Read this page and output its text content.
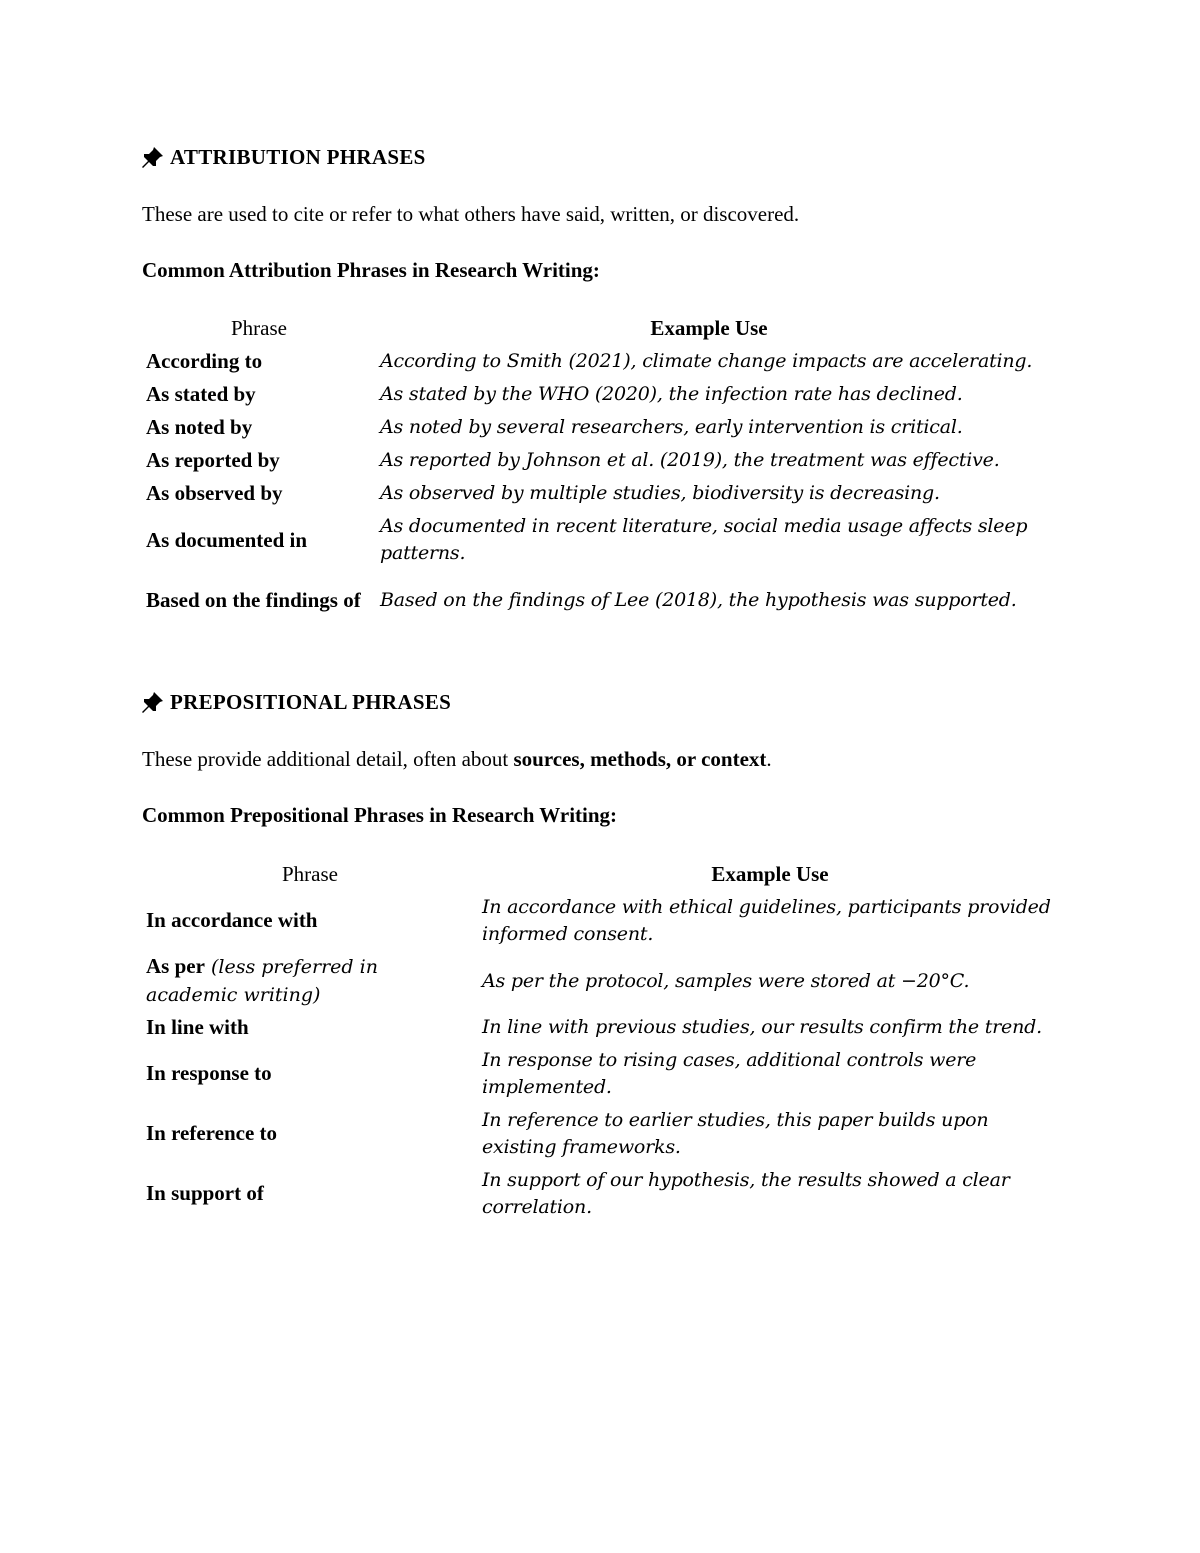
ATTRIBUTION PHRASES
These are used to cite or refer to what others have said, written, or discovered.
Common Attribution Phrases in Research Writing:
Phrase	Example Use
According to	According to Smith (2021), climate change impacts are accelerating.
As stated by	As stated by the WHO (2020), the infection rate has declined.
As noted by	As noted by several researchers, early intervention is critical.
As reported by	As reported by Johnson et al. (2019), the treatment was effective.
As observed by	As observed by multiple studies, biodiversity is decreasing.
As documented in	As documented in recent literature, social media usage affects sleep patterns.
Based on the findings of	Based on the findings of Lee (2018), the hypothesis was supported.
PREPOSITIONAL PHRASES
These provide additional detail, often about sources, methods, or context.
Common Prepositional Phrases in Research Writing:
Phrase	Example Use
In accordance with	In accordance with ethical guidelines, participants provided informed consent.
As per (less preferred in academic writing)	As per the protocol, samples were stored at −20°C.
In line with	In line with previous studies, our results confirm the trend.
In response to	In response to rising cases, additional controls were implemented.
In reference to	In reference to earlier studies, this paper builds upon existing frameworks.
In support of	In support of our hypothesis, the results showed a clear correlation.
